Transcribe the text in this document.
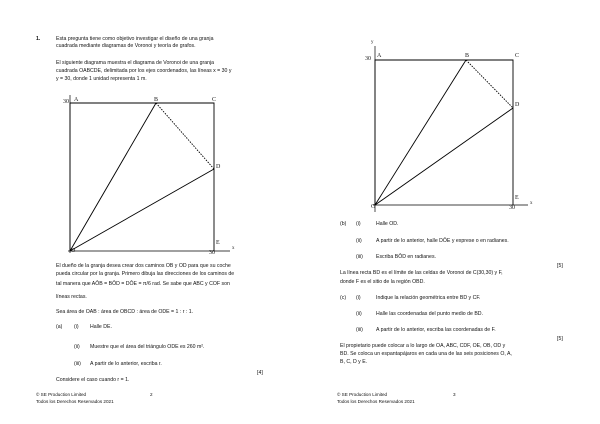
1.	Esta pregunta tiene como objetivo investigar el diseño de una granja
cuadrada mediante diagramas de Voronoi y teoría de grafos.
El siguiente diagrama muestra el diagrama de Voronoi de una granja
cuadrada OABCDE, delimitada por los ejes coordenados, las líneas x = 30 y
y = 30, donde 1 unidad representa 1 m.
30 A	B	C
D
E
O	30
x
El dueño de la granja desea crear dos caminos OB y OD para que su coche
pueda circular por la granja. Primero dibuja las direcciones de los caminos de
tal manera que AÔB = BÔD = DÔE = π/6 rad. Se sabe que ABC y COF son
líneas rectas.
Sea área de OAB : área de OBCD : área de ODE = 1 : r : 1.
(a) (i) Halle DE.
(ii) Muestre que el área del triángulo ODE es 260 m².
(iii) A partir de lo anterior, escriba r.
[4]
Considere el caso cuando r = 1.
© SE Production Limited
Todos los Derechos Reservados 2021
2
y
30 A	B	C
D
E
O	30
x
(b) (i)	Halle OD.
(ii)	A partir de lo anterior, halle DÔE y exprese o en radianes.
(iii)	Escriba BÔD en radianes.
[5]
La línea recta BD es el límite de las celdas de Voronoi de C(30,30) y F,
donde F es el sitio de la región OBD.
(c) (i)	Indique la relación geométrica entre BD y CF.
(ii)	Halle las coordenadas del punto medio de BD.
(iii)	A partir de lo anterior, escriba las coordenadas de F.
[5]
El propietario puede colocar a lo largo de OA, ABC, CDF, OE, OB, OD y
BD. Se coloca un espantapájaros en cada una de las seis posiciones O, A,
B, C, D y E.
© SE Production Limited
Todos los Derechos Reservados 2021
3
